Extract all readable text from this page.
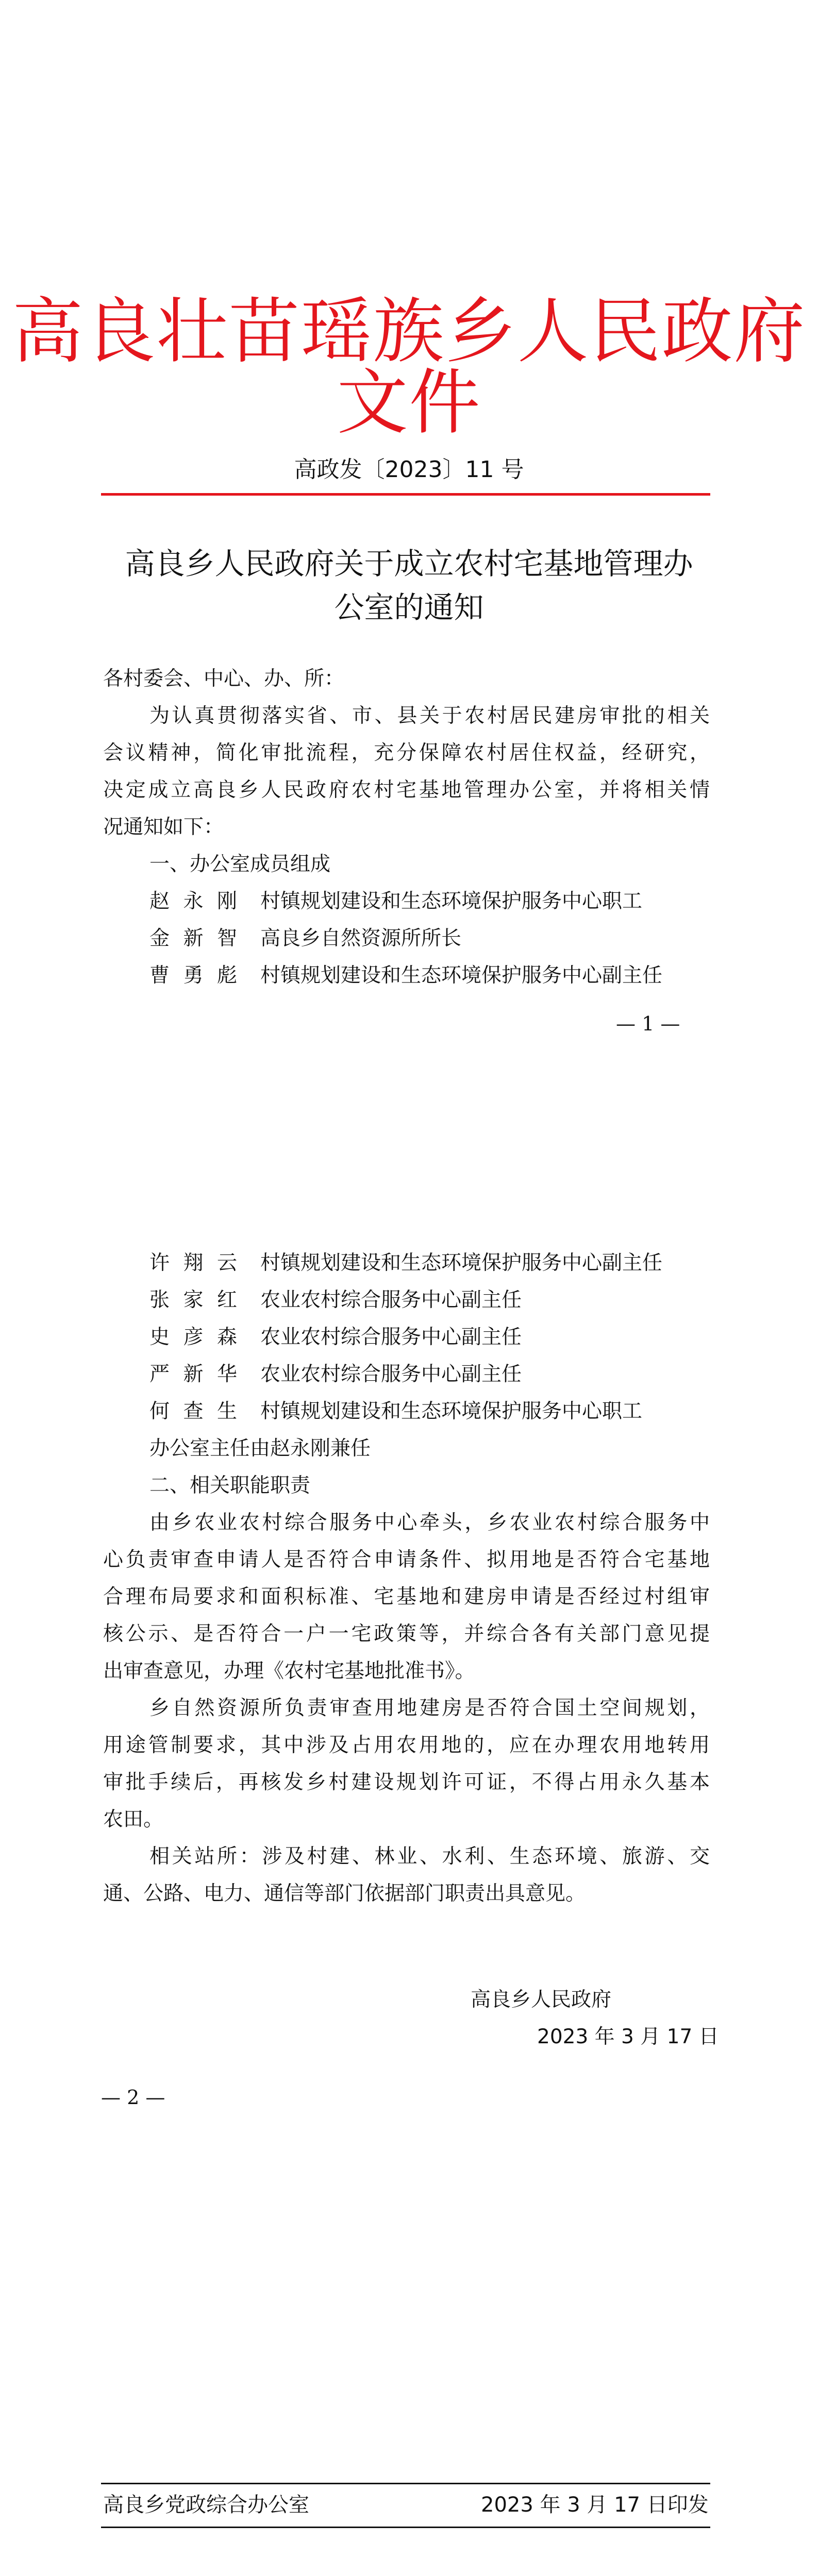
高良壮苗瑶族乡人民政府文件
高政发〔2023〕11 号
高良乡人民政府关于成立农村宅基地管理办
公室的通知
各村委会、中心、办、所：
为认真贯彻落实省、市、县关于农村居民建房审批的相关
会议精神，简化审批流程，充分保障农村居住权益，经研究，
决定成立高良乡人民政府农村宅基地管理办公室，并将相关情
况通知如下：
一、办公室成员组成
赵永刚 村镇规划建设和生态环境保护服务中心职工
金新智 高良乡自然资源所所长
曹勇彪 村镇规划建设和生态环境保护服务中心副主任
— 1 —
许翔云 村镇规划建设和生态环境保护服务中心副主任
张家红 农业农村综合服务中心副主任
史彦森 农业农村综合服务中心副主任
严新华 农业农村综合服务中心副主任
何查生 村镇规划建设和生态环境保护服务中心职工
办公室主任由赵永刚兼任
二、相关职能职责
由乡农业农村综合服务中心牵头，乡农业农村综合服务中
心负责审查申请人是否符合申请条件、拟用地是否符合宅基地
合理布局要求和面积标准、宅基地和建房申请是否经过村组审
核公示、是否符合一户一宅政策等，并综合各有关部门意见提
出审查意见，办理《农村宅基地批准书》。
乡自然资源所负责审查用地建房是否符合国土空间规划，
用途管制要求，其中涉及占用农用地的，应在办理农用地转用
审批手续后，再核发乡村建设规划许可证，不得占用永久基本
农田。
相关站所：涉及村建、林业、水利、生态环境、旅游、交
通、公路、电力、通信等部门依据部门职责出具意见。
高良乡人民政府
2023 年 3 月 17 日
— 2 —
高良乡党政综合办公室	2023 年 3 月 17 日印发
